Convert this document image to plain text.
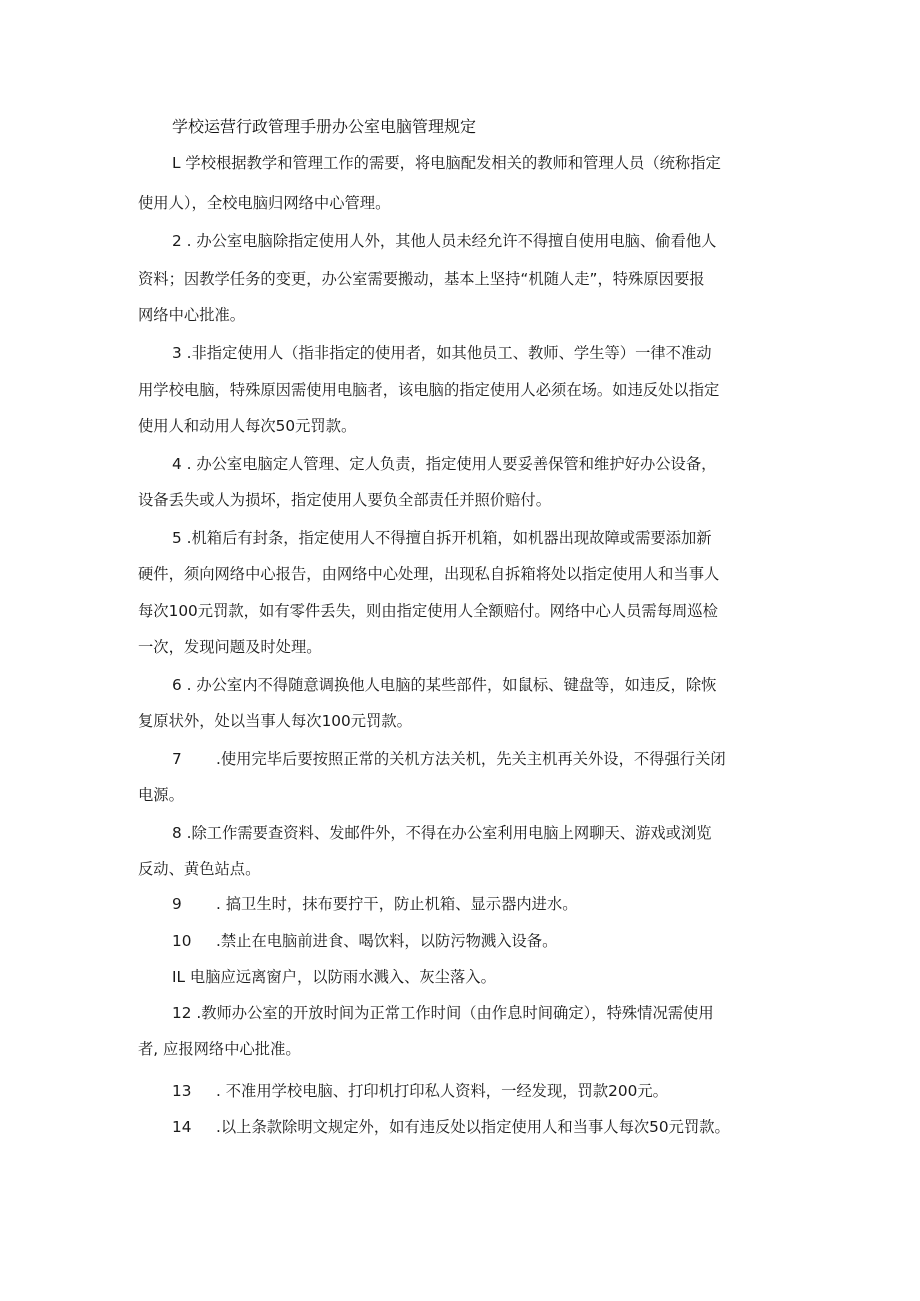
学校运营行政管理手册办公室电脑管理规定
L 学校根据教学和管理工作的需要，将电脑配发相关的教师和管理人员（统称指定
使用人），全校电脑归网络中心管理。
2 . 办公室电脑除指定使用人外，其他人员未经允许不得擅自使用电脑、偷看他人
资料；因教学任务的变更，办公室需要搬动，基本上坚持“机随人走”，特殊原因要报
网络中心批准。
3 .非指定使用人（指非指定的使用者，如其他员工、教师、学生等）一律不准动
用学校电脑，特殊原因需使用电脑者，该电脑的指定使用人必须在场。如违反处以指定
使用人和动用人每次50元罚款。
4 . 办公室电脑定人管理、定人负责，指定使用人要妥善保管和维护好办公设备，
设备丢失或人为损坏，指定使用人要负全部责任并照价赔付。
5 .机箱后有封条，指定使用人不得擅自拆开机箱，如机器出现故障或需要添加新
硬件，须向网络中心报告，由网络中心处理，出现私自拆箱将处以指定使用人和当事人
每次100元罚款，如有零件丢失，则由指定使用人全额赔付。网络中心人员需每周巡检
一次，发现问题及时处理。
6 . 办公室内不得随意调换他人电脑的某些部件，如鼠标、键盘等，如违反，除恢
复原状外，处以当事人每次100元罚款。
7 .使用完毕后要按照正常的关机方法关机，先关主机再关外设，不得强行关闭
电源。
8 .除工作需要查资料、发邮件外，不得在办公室利用电脑上网聊天、游戏或浏览
反动、黄色站点。
9 . 搞卫生时，抹布要拧干，防止机箱、显示器内进水。
10 .禁止在电脑前进食、喝饮料，以防污物溅入设备。
IL 电脑应远离窗户，以防雨水溅入、灰尘落入。
12 .教师办公室的开放时间为正常工作时间（由作息时间确定），特殊情况需使用
者, 应报网络中心批准。
13 . 不准用学校电脑、打印机打印私人资料，一经发现，罚款200元。
14 .以上条款除明文规定外，如有违反处以指定使用人和当事人每次50元罚款。
